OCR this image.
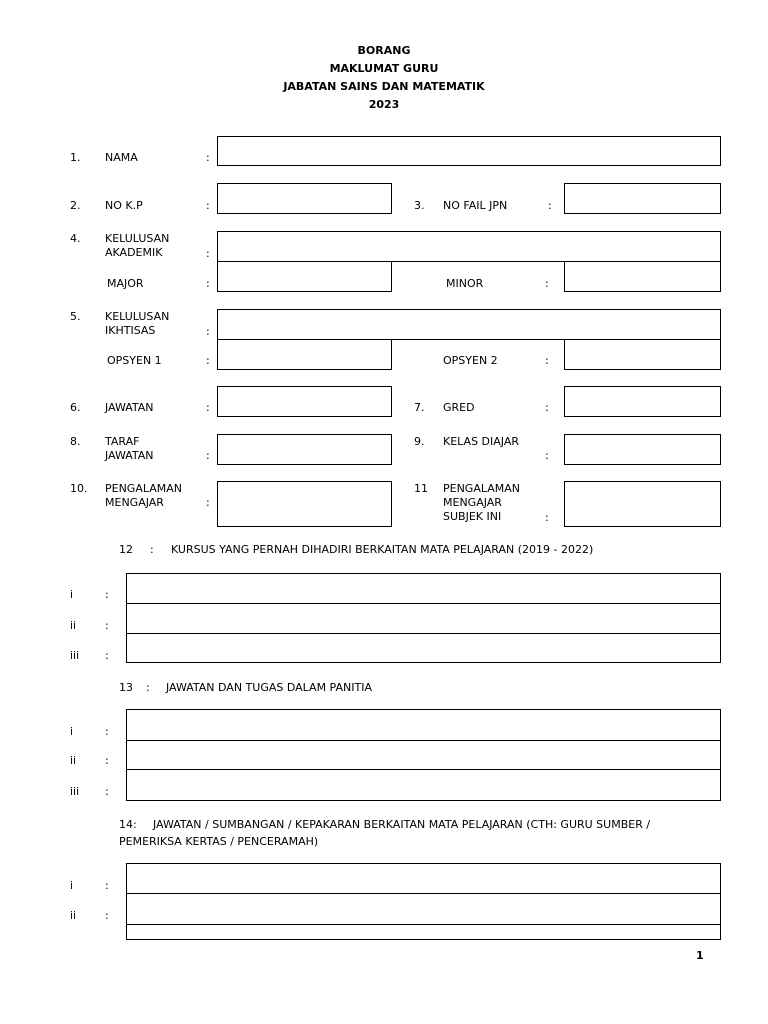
BORANG
MAKLUMAT GURU
JABATAN SAINS DAN MATEMATIK
2023
1. NAMA	:
2. NO K.P	:	3. NO FAIL JPN	:
4. KELULUSAN
AKADEMIK	:
MAJOR	:	MINOR	:
5. KELULUSAN
IKHTISAS	:
OPSYEN 1	:	OPSYEN 2	:
6. JAWATAN	:	7. GRED	:
8. TARAF
JAWATAN	:
9. KELAS DIAJAR
:
10. PENGALAMAN
MENGAJAR	:
11 PENGALAMAN
MENGAJAR
SUBJEK INI	:
12 : KURSUS YANG PERNAH DIHADIRI BERKAITAN MATA PELAJARAN (2019 - 2022)
i	:
ii	:
iii :
13 : JAWATAN DAN TUGAS DALAM PANITIA
i	:
ii	:
iii :
14: JAWATAN / SUMBANGAN / KEPAKARAN BERKAITAN MATA PELAJARAN (CTH: GURU SUMBER /
PEMERIKSA KERTAS / PENCERAMAH)
i	:
ii	:
1
